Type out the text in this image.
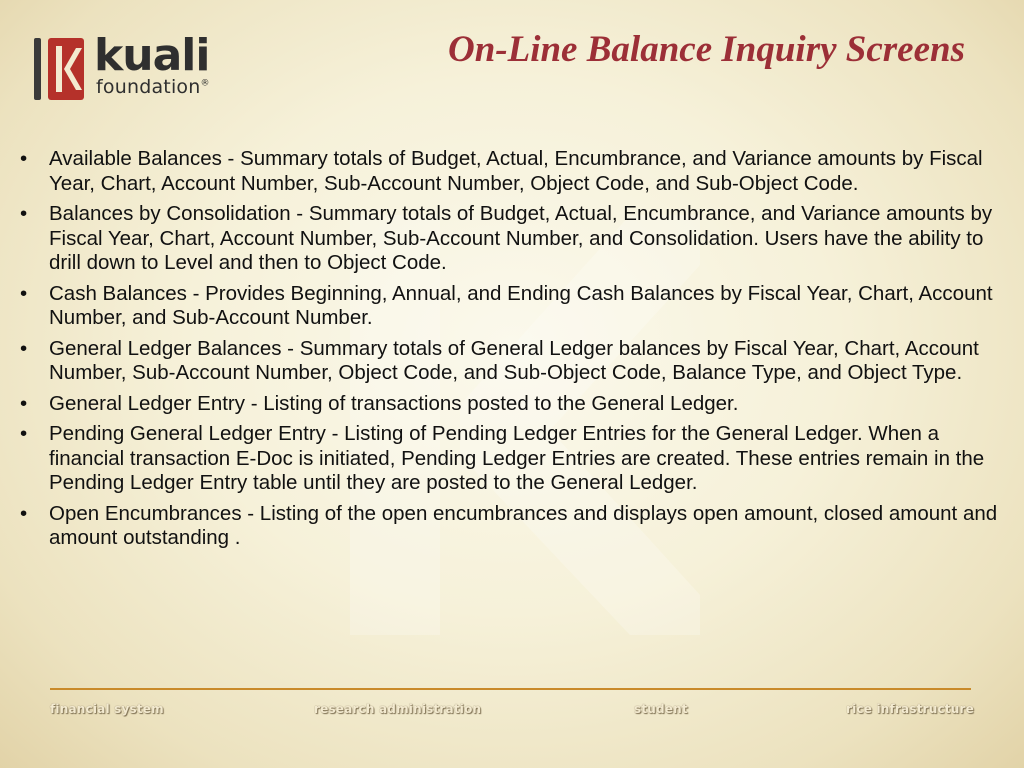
kuali
foundation®
On-Line Balance Inquiry Screens
• Available Balances - Summary totals of Budget, Actual, Encumbrance, and Variance amounts by Fiscal Year, Chart, Account Number, Sub-Account Number, Object Code, and Sub-Object Code.
• Balances by Consolidation - Summary totals of Budget, Actual, Encumbrance, and Variance amounts by Fiscal Year, Chart, Account Number, Sub-Account Number, and Consolidation. Users have the ability to drill down to Level and then to Object Code.
• Cash Balances - Provides Beginning, Annual, and Ending Cash Balances by Fiscal Year, Chart, Account Number, and Sub-Account Number.
• General Ledger Balances - Summary totals of General Ledger balances by Fiscal Year, Chart, Account Number, Sub-Account Number, Object Code, and Sub-Object Code, Balance Type, and Object Type.
• General Ledger Entry - Listing of transactions posted to the General Ledger.
• Pending General Ledger Entry - Listing of Pending Ledger Entries for the General Ledger. When a financial transaction E-Doc is initiated, Pending Ledger Entries are created. These entries remain in the Pending Ledger Entry table until they are posted to the General Ledger.
• Open Encumbrances - Listing of the open encumbrances and displays open amount, closed amount and amount outstanding .
financial system	research administration	student	rice infrastructure
